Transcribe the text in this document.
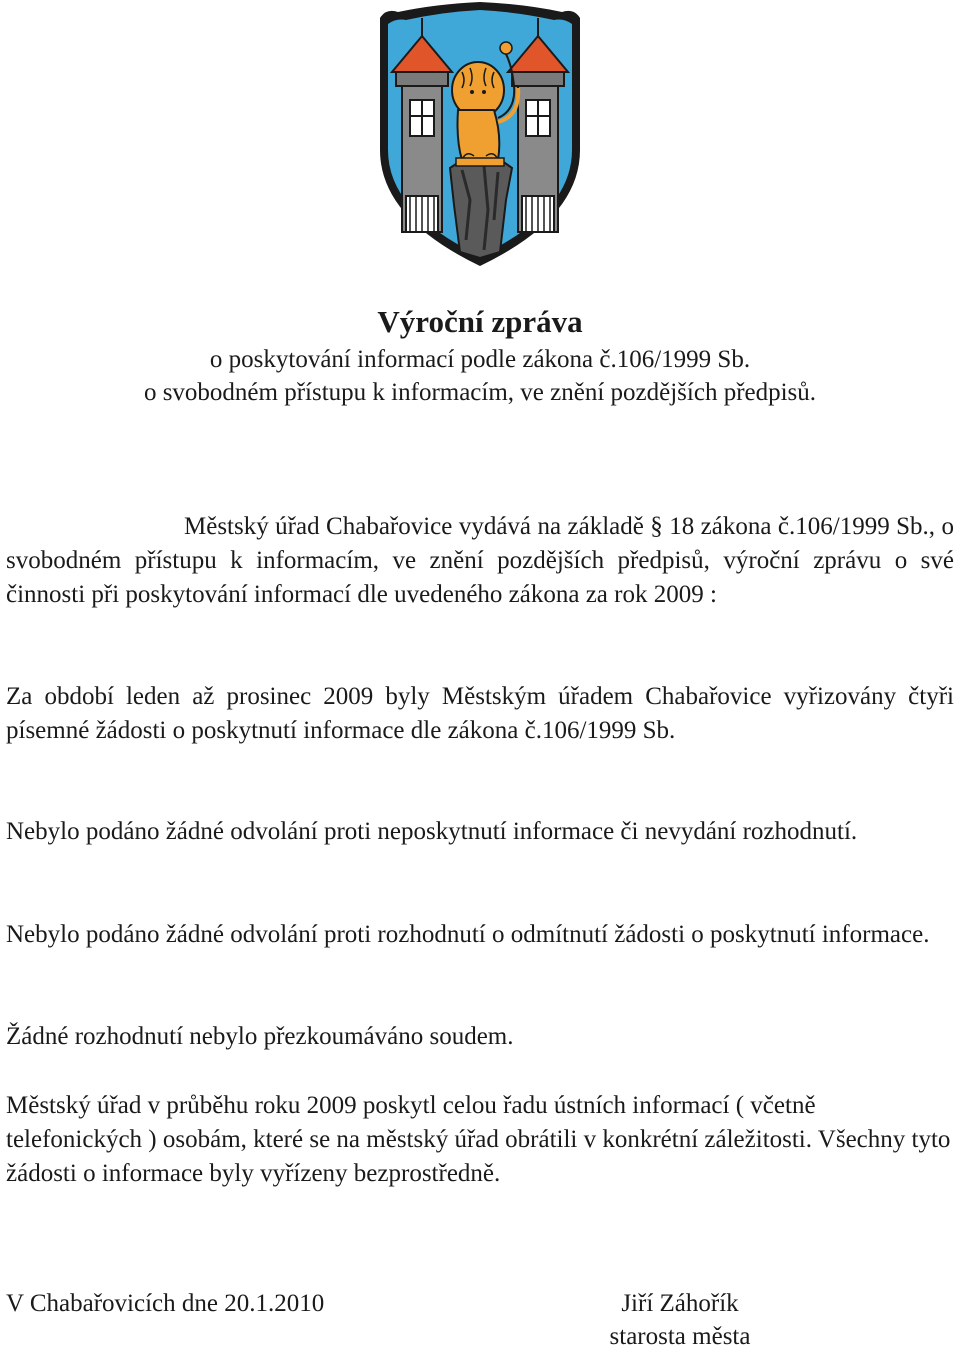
Výroční zpráva
o poskytování informací podle zákona č.106/1999 Sb.
o svobodném přístupu k informacím, ve znění pozdějších předpisů.
Městský úřad Chabařovice vydává na základě § 18 zákona č.106/1999 Sb., o svobodném přístupu k informacím, ve znění pozdějších předpisů, výroční zprávu o své činnosti při poskytování informací dle uvedeného zákona za rok 2009 :
Za období leden až prosinec 2009 byly Městským úřadem Chabařovice vyřizovány čtyři písemné žádosti o poskytnutí informace dle zákona č.106/1999 Sb.
Nebylo podáno žádné odvolání proti neposkytnutí informace či nevydání rozhodnutí.
Nebylo podáno žádné odvolání proti rozhodnutí o odmítnutí žádosti o poskytnutí informace.
Žádné rozhodnutí nebylo přezkoumáváno soudem.
Městský úřad v průběhu roku 2009 poskytl celou řadu ústních informací ( včetně telefonických ) osobám, které se na městský úřad obrátili v konkrétní záležitosti. Všechny tyto žádosti o informace byly vyřízeny bezprostředně.
V Chabařovicích dne 20.1.2010	Jiří Záhořík
starosta města
